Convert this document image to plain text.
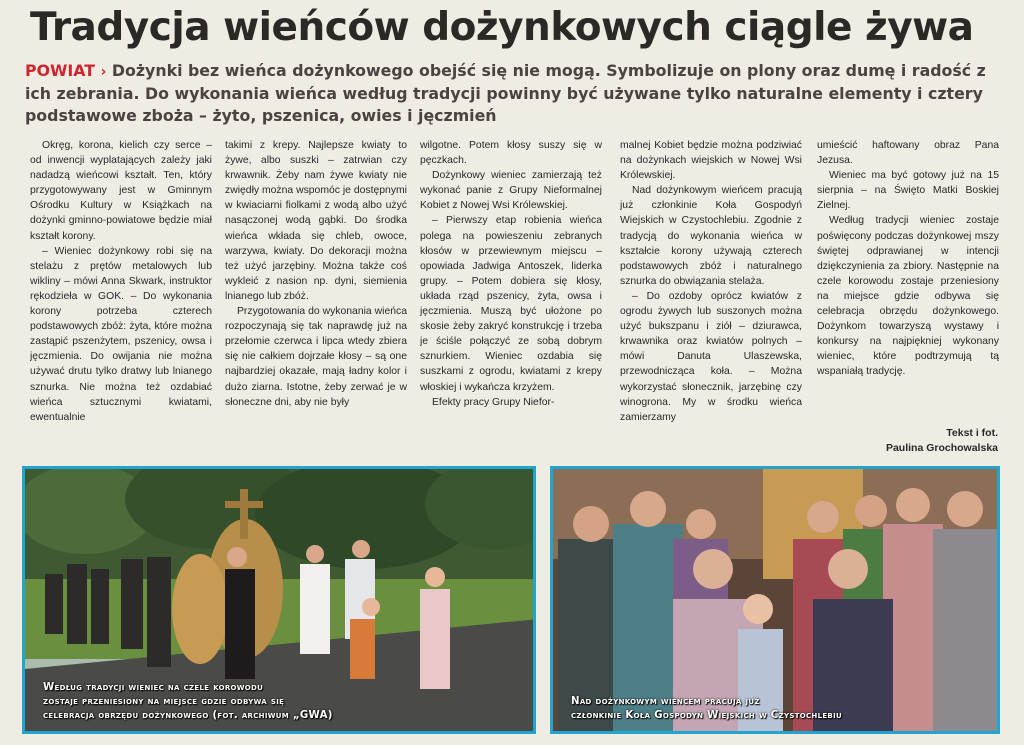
Tradycja wieńców dożynkowych ciągle żywa

POWIAT › Dożynki bez wieńca dożynkowego obejść się nie mogą. Symbolizuje on plony oraz dumę i radość z ich zebrania. Do wykonania wieńca według tradycji powinny być używane tylko naturalne elementy i cztery podstawowe zboża – żyto, pszenica, owies i jęczmień

Okręg, korona, kielich czy serce – od inwencji wyplatających zależy jaki nadadzą wieńcowi kształt. Ten, który przygotowywany jest w Gminnym Ośrodku Kultury w Książkach na dożynki gminno-powiatowe będzie miał kształt korony.

– Wieniec dożynkowy robi się na stelażu z prętów metalowych lub wikliny – mówi Anna Skwark, instruktor rękodzieła w GOK. – Do wykonania korony potrzeba czterech podstawowych zbóż: żyta, które można zastąpić pszenżytem, pszenicy, owsa i jęczmienia. Do owijania nie można używać drutu tylko dratwy lub lnianego sznurka. Nie można też ozdabiać wieńca sztucznymi kwiatami, ewentualnie

takimi z krepy. Najlepsze kwiaty to żywe, albo suszki – zatrwian czy krwawnik. Żeby nam żywe kwiaty nie zwiędły można wspomóc je dostępnymi w kwiaciarni fiolkami z wodą albo użyć nasączonej wodą gąbki. Do środka wieńca wkłada się chleb, owoce, warzywa, kwiaty. Do dekoracji można też użyć jarzębiny. Można także coś wykleić z nasion np. dyni, siemienia lnianego lub zbóż.

Przygotowania do wykonania wieńca rozpoczynają się tak naprawdę już na przełomie czerwca i lipca wtedy zbiera się nie całkiem dojrzałe kłosy – są one najbardziej okazałe, mają ładny kolor i dużo ziarna. Istotne, żeby zerwać je w słoneczne dni, aby nie były

wilgotne. Potem kłosy suszy się w pęczkach.

Dożynkowy wieniec zamierzają też wykonać panie z Grupy Nieformalnej Kobiet z Nowej Wsi Królewskiej.

– Pierwszy etap robienia wieńca polega na powieszeniu zebranych kłosów w przewiewnym miejscu – opowiada Jadwiga Antoszek, liderka grupy. – Potem dobiera się kłosy, układa rząd pszenicy, żyta, owsa i jęczmienia. Muszą być ułożone po skosie żeby zakryć konstrukcję i trzeba je ściśle połączyć ze sobą dobrym sznurkiem. Wieniec ozdabia się suszkami z ogrodu, kwiatami z krepy włoskiej i wykańcza krzyżem.

Efekty pracy Grupy Niefor-

malnej Kobiet będzie można podziwiać na dożynkach wiejskich w Nowej Wsi Królewskiej.

Nad dożynkowym wieńcem pracują już członkinie Koła Gospodyń Wiejskich w Czystochlebiu. Zgodnie z tradycją do wykonania wieńca w kształcie korony używają czterech podstawowych zbóż i naturalnego sznurka do obwiązania stelaża.

– Do ozdoby oprócz kwiatów z ogrodu żywych lub suszonych można użyć bukszpanu i ziół – dziurawca, krwawnika oraz kwiatów polnych – mówi Danuta Ulaszewska, przewodnicząca koła. – Można wykorzystać słonecznik, jarzębinę czy winogrona. My w środku wieńca zamierzamy

umieścić haftowany obraz Pana Jezusa.

Wieniec ma być gotowy już na 15 sierpnia – na Święto Matki Boskiej Zielnej.

Według tradycji wieniec zostaje poświęcony podczas dożynkowej mszy świętej odprawianej w intencji dziękczynienia za zbiory. Następnie na czele korowodu zostaje przeniesiony na miejsce gdzie odbywa się celebracja obrzędu dożynkowego. Dożynkom towarzyszą wystawy i konkursy na najpiękniej wykonany wieniec, które podtrzymują tą wspaniałą tradycję.

Tekst i fot.
Paulina Grochowalska
Według tradycji wieniec na czele korowodu
zostaje przeniesiony na miejsce gdzie odbywa się
celebracja obrzędu dożynkowego (fot. archiwum „GWA)
Nad dożynkowym wieńcem pracują już
członkinie Koła Gospodyń Wiejskich w Czystochlebiu
